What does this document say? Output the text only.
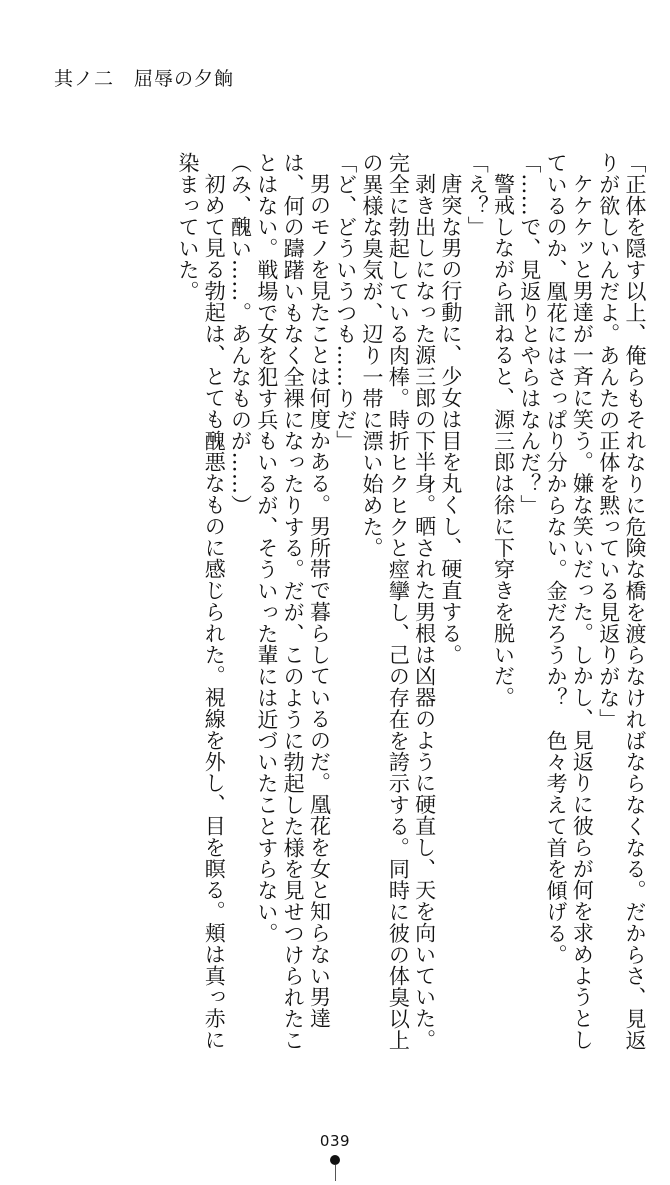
其ノ二　屈辱の夕餉

「正体を隠す以上、俺らもそれなりに危険な橋を渡らなければならなくなる。だからさ、見返りが欲しいんだよ。あんたの正体を黙っている見返りがな」

ケケケッと男達が一斉に笑う。嫌な笑いだった。しかし、見返りに彼らが何を求めようとしているのか、凰花にはさっぱり分からない。金だろうか？　色々考えて首を傾げる。

「……で、見返りとやらはなんだ？」

警戒しながら訊ねると、源三郎は徐に下穿きを脱いだ。

「え？」

唐突な男の行動に、少女は目を丸くし、硬直する。

剥き出しになった源三郎の下半身。晒された男根は凶器のように硬直し、天を向いていた。完全に勃起している肉棒。時折ヒクヒクと痙攣し、己の存在を誇示する。同時に彼の体臭以上の異様な臭気が、辺り一帯に漂い始めた。

「ど、どういうつも……りだ」

男のモノを見たことは何度かある。男所帯で暮らしているのだ。凰花を女と知らない男達は、何の躊躇いもなく全裸になったりする。だが、このように勃起した様を見せつけられたことはない。戦場で女を犯す兵もいるが、そういった輩には近づいたことすらない。

（み、醜い……。あんなものが……）

初めて見る勃起は、とても醜悪なものに感じられた。視線を外し、目を瞑る。頬は真っ赤に染まっていた。

039
